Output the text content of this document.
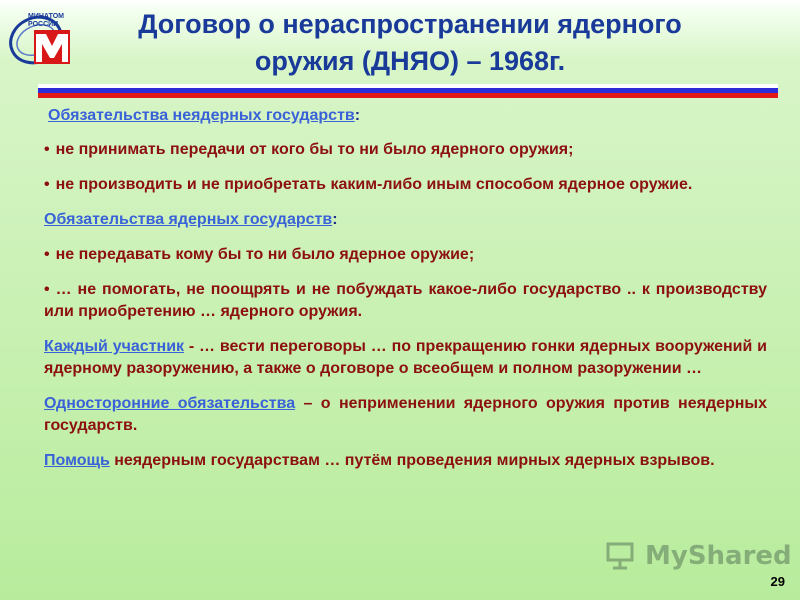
МИНАТОМ
РОССИИ	Договор о нераспространении ядерного оружия (ДНЯО) – 1968г.

Обязательства неядерных государств:

• не принимать передачи от кого бы то ни было ядерного оружия;

• не производить и не приобретать каким-либо иным способом ядерное оружие.

Обязательства ядерных государств:

• не передавать кому бы то ни было ядерное оружие;

• … не помогать, не поощрять и не побуждать какое-либо государство .. к производству или приобретению … ядерного оружия.

Каждый участник - … вести переговоры … по прекращению гонки ядерных вооружений и ядерному разоружению, а также о договоре о всеобщем и полном разоружении …

Односторонние обязательства – о неприменении ядерного оружия против неядерных государств.

Помощь неядерным государствам … путём проведения мирных ядерных взрывов.

MyShared
29
